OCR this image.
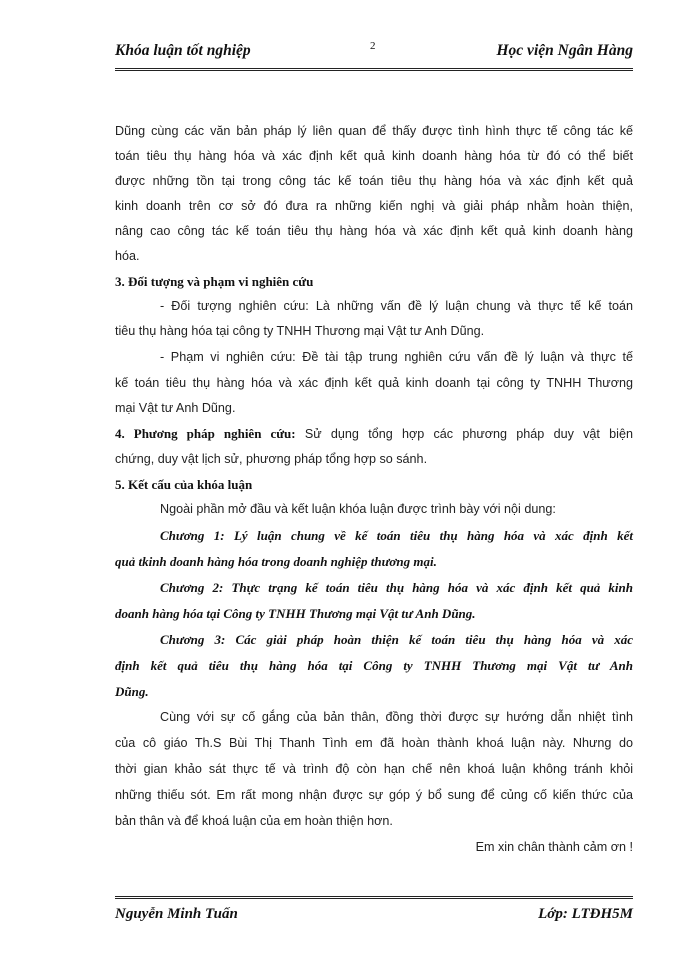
Khóa luận tốt nghiệp	2	Học viện Ngân Hàng
Dũng cùng các văn bản pháp lý liên quan để thấy được tình hình thực tế công tác kế
toán tiêu thụ hàng hóa và xác định kết quả kinh doanh hàng hóa từ đó có thể biết
được những tồn tại trong công tác kế toán tiêu thụ hàng hóa và xác định kết quả
kinh doanh trên cơ sở đó đưa ra những kiến nghị và giải pháp nhằm hoàn thiện,
nâng cao công tác kế toán tiêu thụ hàng hóa và xác định kết quả kinh doanh hàng
hóa.
3. Đối tượng và phạm vi nghiên cứu
- Đối tượng nghiên cứu: Là những vấn đề lý luận chung và thực tế kế toán
tiêu thụ hàng hóa tại công ty TNHH Thương mại Vật tư Anh Dũng.
- Phạm vi nghiên cứu: Đề tài tập trung nghiên cứu vấn đề lý luận và thực tế
kế toán tiêu thụ hàng hóa và xác định kết quả kinh doanh tại công ty TNHH Thương
mại Vật tư Anh Dũng.
4. Phương pháp nghiên cứu: Sử dụng tổng hợp các phương pháp duy vật biện
chứng, duy vật lịch sử, phương pháp tổng hợp so sánh.
5. Kết cấu của khóa luận
Ngoài phần mở đầu và kết luận khóa luận được trình bày với nội dung:
Chương 1: Lý luận chung về kế toán tiêu thụ hàng hóa và xác định kết
quả tkinh doanh hàng hóa trong doanh nghiệp thương mại.
Chương 2: Thực trạng kế toán tiêu thụ hàng hóa và xác định kết quả kinh
doanh hàng hóa tại Công ty TNHH Thương mại Vật tư Anh Dũng.
Chương 3: Các giải pháp hoàn thiện kế toán tiêu thụ hàng hóa và xác
định kết quả tiêu thụ hàng hóa tại Công ty TNHH Thương mại Vật tư Anh
Dũng.
Cùng với sự cố gắng của bản thân, đồng thời được sự hướng dẫn nhiệt tình
của cô giáo Th.S Bùi Thị Thanh Tình em đã hoàn thành khoá luận này. Nhưng do
thời gian khảo sát thực tế và trình độ còn hạn chế nên khoá luận không tránh khỏi
những thiếu sót. Em rất mong nhận được sự góp ý bổ sung để củng cố kiến thức của
bản thân và để khoá luận của em hoàn thiện hơn.
Em xin chân thành cảm ơn !
Nguyễn Minh Tuấn	Lớp: LTĐH5M
